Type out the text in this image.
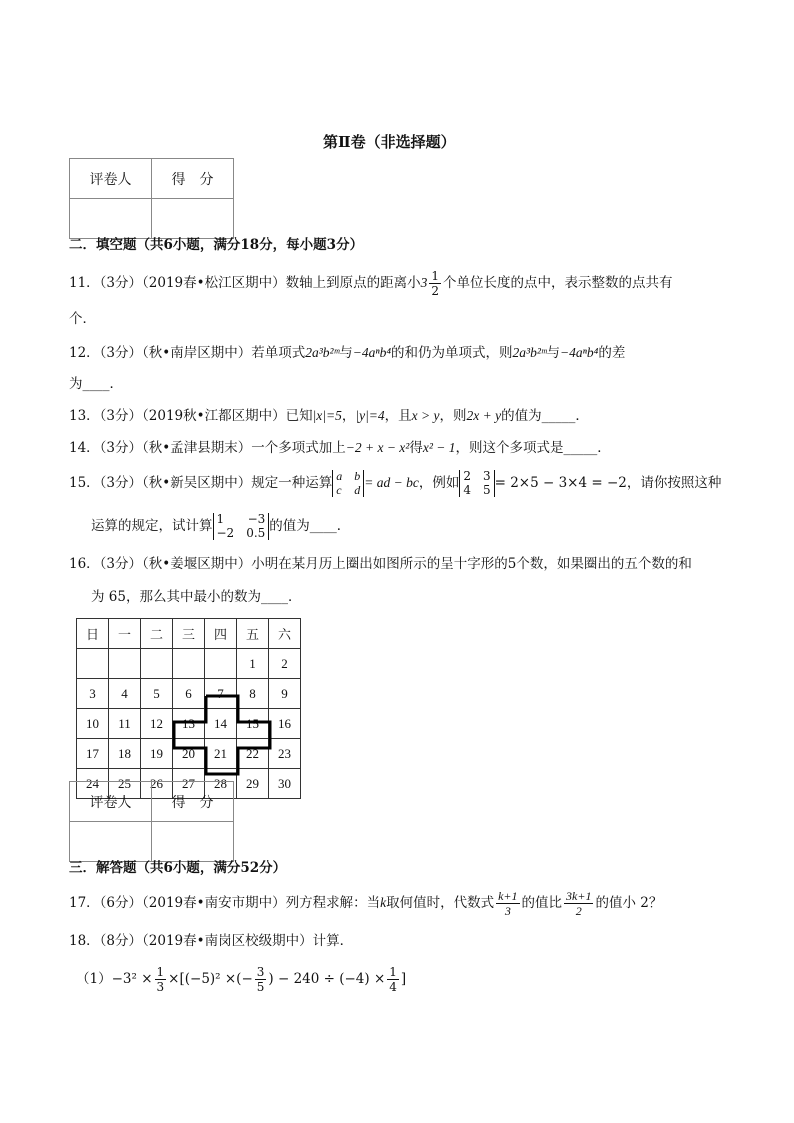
第Ⅱ卷（非选择题）
评卷人	得　分

二．填空题（共6小题，满分18分，每小题3分）
11．（3分）（2019春•松江区期中）数轴上到原点的距离小$3 \frac{1}{2}$ 个单位长度的点中，表示整数的点共有
个．
12．（3分）（秋•南岸区期中）若单项式2a³b²ᵐ与−4aⁿb⁴的和仍为单项式，则2a³b²ᵐ与−4aⁿb⁴的差
为____．
13．（3分）（2019秋•江都区期中）已知|x|=5，|y|=4，且x > y，则2x + y的值为_____．
14．（3分）（秋•孟津县期末）一个多项式加上−2 + x − x²得x² − 1，则这个多项式是_____．
15．（3分）（秋•新吴区期中）规定一种运算 a b
c d = ad − bc，例如 2 3
4 5 = 2×5 − 3×4 = −2，请你按照这种
运算的规定，试计算 1 −3
−2 0.5 的值为____．
16．（3分）（秋•姜堰区期中）小明在某月历上圈出如图所示的呈十字形的5个数，如果圈出的五个数的和
为 65，那么其中最小的数为____．
日	一	二	三	四	五	六
					1	2
3	4	5	6	7	8	9
10	11	12	13	14	15	16
17	18	19	20	21	22	23
24	25	26	27	28	29	30
评卷人	得　分

三．解答题（共6小题，满分52分）
17．（6分）（2019春•南安市期中）列方程求解：当k取何值时，代数式 $\frac{k+1}{3}$ 的值比 $\frac{3k+1}{2}$ 的值小 2？
18．（8分）（2019春•南岗区校级期中）计算．
$(1)-3^2 \times \frac{1}{3} \times[(-5)^2$ ×(− $\frac{3}{5}$ ) − $240 \div (-4) \times \frac{1}{4}$ ]
